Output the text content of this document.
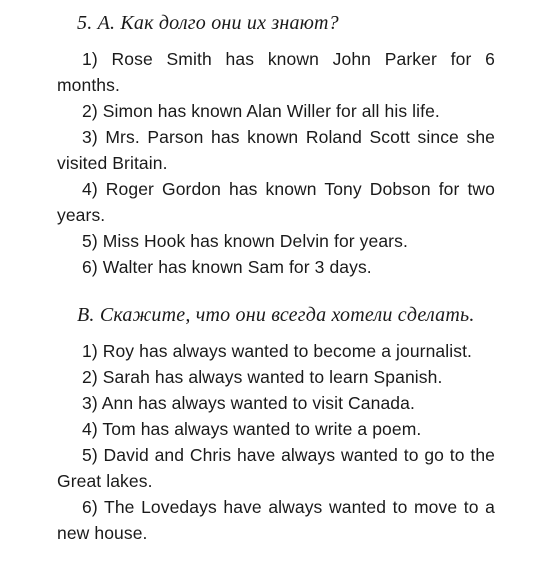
5. А. Как долго они их знают?

1) Rose Smith has known John Parker for 6 months.

2) Simon has known Alan Willer for all his life.

3) Mrs. Parson has known Roland Scott since she visited Britain.

4) Roger Gordon has known Tony Dobson for two years.

5) Miss Hook has known Delvin for years.

6) Walter has known Sam for 3 days.

В. Скажите, что они всегда хотели сделать.

1) Roy has always wanted to become a journalist.

2) Sarah has always wanted to learn Spanish.

3) Ann has always wanted to visit Canada.

4) Tom has always wanted to write a poem.

5) David and Chris have always wanted to go to the Great lakes.

6) The Lovedays have always wanted to move to a new house.
